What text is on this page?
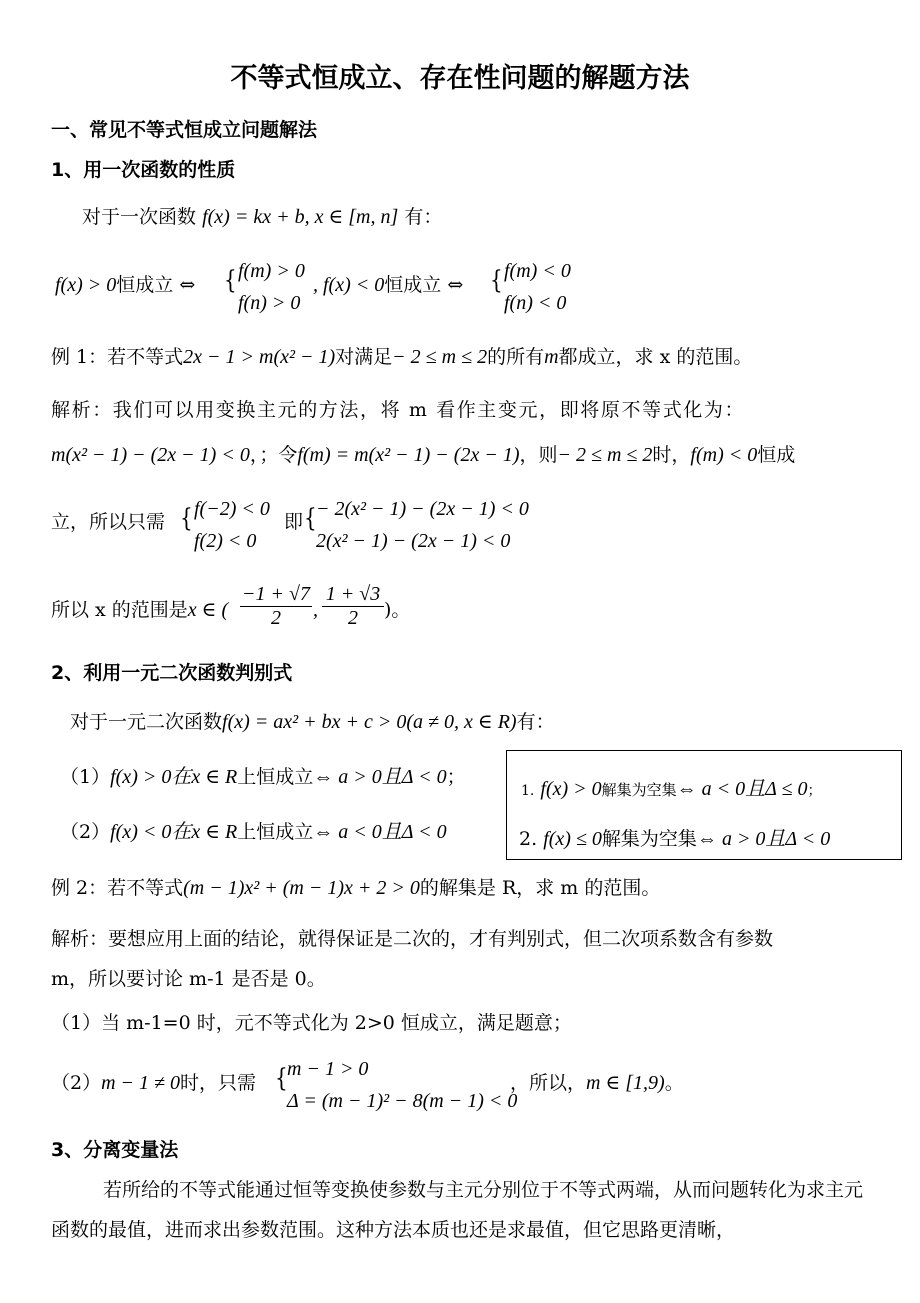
不等式恒成立、存在性问题的解题方法
一、常见不等式恒成立问题解法
1、用一次函数的性质
对于一次函数 f(x) = kx + b, x ∈ [m, n] 有：
f(x) > 0恒成立 ⇔ { f(m) > 0
f(n) > 0
, f(x) < 0恒成立 ⇔ { f(m) < 0
f(n) < 0
例 1：若不等式2x − 1 > m(x² − 1)对满足− 2 ≤ m ≤ 2的所有m都成立，求 x 的范围。
解析：我们可以用变换主元的方法，将 m 看作主变元，即将原不等式化为：
m(x² − 1) − (2x − 1) < 0，；令f(m) = m(x² − 1) − (2x − 1)，则− 2 ≤ m ≤ 2时，f(m) < 0恒成
立，所以只需 { f(−2) < 0
f(2) < 0
即 { − 2(x² − 1) − (2x − 1) < 0
2(x² − 1) − (2x − 1) < 0
所以 x 的范围是x ∈ ( $\frac{-1 + √7}{2}$ , $\frac{1 + √3}{2}$ )。
2、利用一元二次函数判别式
对于一元二次函数f(x) = ax² + bx + c > 0(a ≠ 0, x ∈ R)有：
（1）f(x) > 0在x ∈ R上恒成立⇔ a > 0且Δ < 0；
（2）f(x) < 0在x ∈ R上恒成立⇔ a < 0且Δ < 0
1. f(x) > 0解集为空集⇔ a < 0且Δ ≤ 0；
2. f(x) ≤ 0解集为空集⇔ a > 0且Δ < 0
例 2：若不等式(m − 1)x² + (m − 1)x + 2 > 0的解集是 R，求 m 的范围。
解析：要想应用上面的结论，就得保证是二次的，才有判别式，但二次项系数含有参数
m，所以要讨论 m-1 是否是 0。
（1）当 m-1=0 时，元不等式化为 2>0 恒成立，满足题意；
（2）m − 1 ≠ 0时，只需 { m − 1 > 0
Δ = (m − 1)² − 8(m − 1) < 0
，所以，m ∈ [1,9)。
3、分离变量法
若所给的不等式能通过恒等变换使参数与主元分别位于不等式两端，从而问题转化为求主元函数的最值，进而求出参数范围。这种方法本质也还是求最值，但它思路更清晰，
